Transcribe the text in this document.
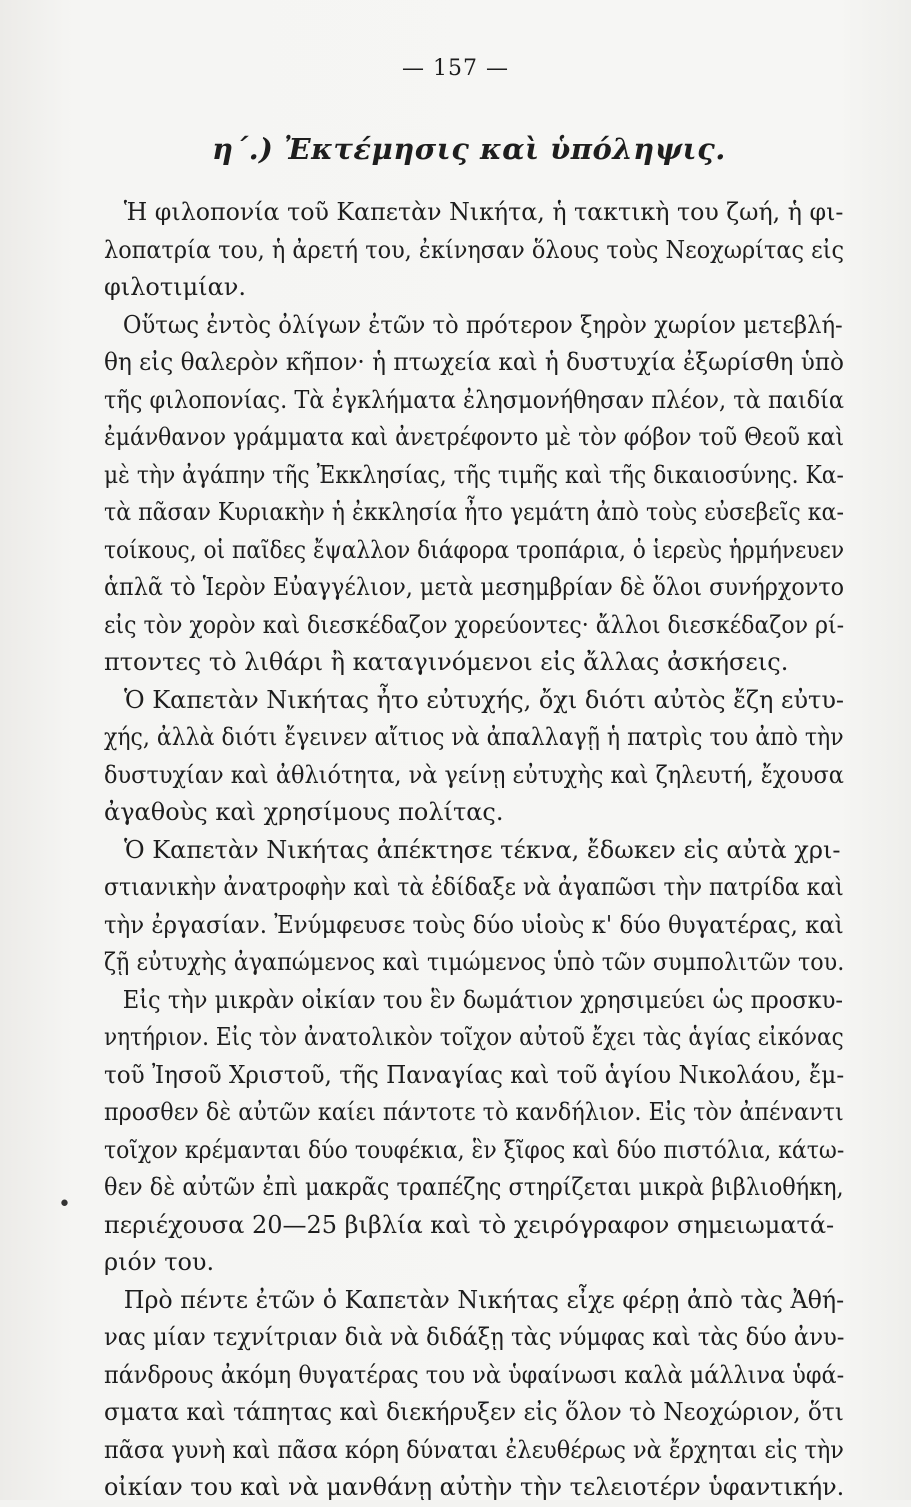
— 157 —
η΄.) Ἐκτέμησις καὶ ὑπόληψις.
Ἡ φιλοπονία τοῦ Καπετὰν Νικήτα, ἡ τακτικὴ του ζωή, ἡ φι-
λοπατρία του, ἡ ἀρετή του, ἐκίνησαν ὅλους τοὺς Νεοχωρίτας εἰς
φιλοτιμίαν.
Οὕτως ἐντὸς ὀλίγων ἐτῶν τὸ πρότερον ξηρὸν χωρίον μετεβλή-
θη εἰς θαλερὸν κῆπον· ἡ πτωχεία καὶ ἡ δυστυχία ἐξωρίσθη ὑπὸ
τῆς φιλοπονίας. Τὰ ἐγκλήματα ἐλησμονήθησαν πλέον, τὰ παιδία
ἐμάνθανον γράμματα καὶ ἀνετρέφοντο μὲ τὸν φόβον τοῦ Θεοῦ καὶ
μὲ τὴν ἀγάπην τῆς Ἐκκλησίας, τῆς τιμῆς καὶ τῆς δικαιοσύνης. Κα-
τὰ πᾶσαν Κυριακὴν ἡ ἐκκλησία ἦτο γεμάτη ἀπὸ τοὺς εὐσεβεῖς κα-
τοίκους, οἱ παῖδες ἔψαλλον διάφορα τροπάρια, ὁ ἱερεὺς ἡρμήνευεν
ἁπλᾶ τὸ Ἱερὸν Εὐαγγέλιον, μετὰ μεσημβρίαν δὲ ὅλοι συνήρχοντο
εἰς τὸν χορὸν καὶ διεσκέδαζον χορεύοντες· ἄλλοι διεσκέδαζον ρί-
πτοντες τὸ λιθάρι ἢ καταγινόμενοι εἰς ἄλλας ἀσκήσεις.
Ὁ Καπετὰν Νικήτας ἦτο εὐτυχής, ὄχι διότι αὐτὸς ἔζη εὐτυ-
χής, ἀλλὰ διότι ἔγεινεν αἴτιος νὰ ἀπαλλαγῇ ἡ πατρὶς του ἀπὸ τὴν
δυστυχίαν καὶ ἀθλιότητα, νὰ γείνῃ εὐτυχὴς καὶ ζηλευτή, ἔχουσα
ἀγαθοὺς καὶ χρησίμους πολίτας.
Ὁ Καπετὰν Νικήτας ἀπέκτησε τέκνα, ἔδωκεν εἰς αὐτὰ χρι-
στιανικὴν ἀνατροφὴν καὶ τὰ ἐδίδαξε νὰ ἀγαπῶσι τὴν πατρίδα καὶ
τὴν ἐργασίαν. Ἐνύμφευσε τοὺς δύο υἱοὺς κ' δύο θυγατέρας, καὶ
ζῇ εὐτυχὴς ἀγαπώμενος καὶ τιμώμενος ὑπὸ τῶν συμπολιτῶν του.
Εἰς τὴν μικρὰν οἰκίαν του ἓν δωμάτιον χρησιμεύει ὡς προσκυ-
νητήριον. Εἰς τὸν ἀνατολικὸν τοῖχον αὐτοῦ ἔχει τὰς ἁγίας εἰκόνας
τοῦ Ἰησοῦ Χριστοῦ, τῆς Παναγίας καὶ τοῦ ἁγίου Νικολάου, ἔμ-
προσθεν δὲ αὐτῶν καίει πάντοτε τὸ κανδήλιον. Εἰς τὸν ἀπέναντι
τοῖχον κρέμανται δύο τουφέκια, ἓν ξῖφος καὶ δύο πιστόλια, κάτω-
θεν δὲ αὐτῶν ἐπὶ μακρᾶς τραπέζης στηρίζεται μικρὰ βιβλιοθήκη,
περιέχουσα 20—25 βιβλία καὶ τὸ χειρόγραφον σημειωματά-
ριόν του.
Πρὸ πέντε ἐτῶν ὁ Καπετὰν Νικήτας εἶχε φέρῃ ἀπὸ τὰς Ἀθή-
νας μίαν τεχνίτριαν διὰ νὰ διδάξῃ τὰς νύμφας καὶ τὰς δύο ἀνυ-
πάνδρους ἀκόμη θυγατέρας του νὰ ὑφαίνωσι καλὰ μάλλινα ὑφά-
σματα καὶ τάπητας καὶ διεκήρυξεν εἰς ὅλον τὸ Νεοχώριον, ὅτι
πᾶσα γυνὴ καὶ πᾶσα κόρη δύναται ἐλευθέρως νὰ ἔρχηται εἰς τὴν
οἰκίαν του καὶ νὰ μανθάνῃ αὐτὴν τὴν τελειοτέρν ὑφαντικήν.
•
